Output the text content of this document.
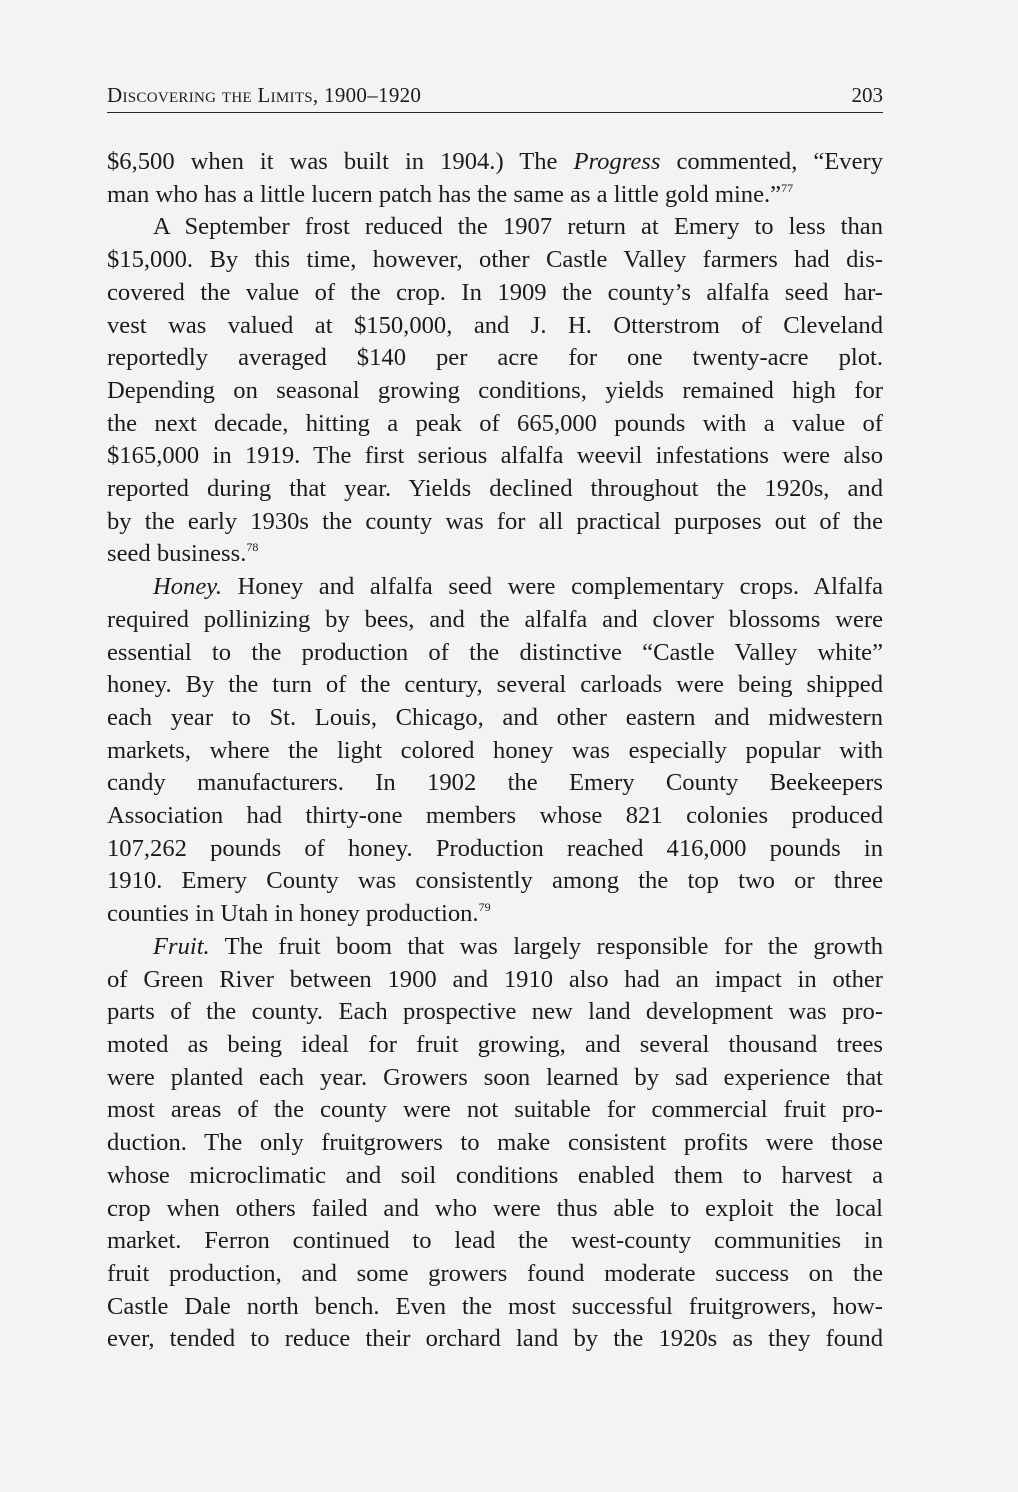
Discovering the Limits, 1900–1920	203
$6,500 when it was built in 1904.) The Progress commented, “Every
man who has a little lucern patch has the same as a little gold mine.”$^{77}$
A September frost reduced the 1907 return at Emery to less than
$15,000. By this time, however, other Castle Valley farmers had dis-
covered the value of the crop. In 1909 the county’s alfalfa seed har-
vest was valued at $150,000, and J. H. Otterstrom of Cleveland
reportedly averaged $140 per acre for one twenty-acre plot.
Depending on seasonal growing conditions, yields remained high for
the next decade, hitting a peak of 665,000 pounds with a value of
$165,000 in 1919. The first serious alfalfa weevil infestations were also
reported during that year. Yields declined throughout the 1920s, and
by the early 1930s the county was for all practical purposes out of the
seed business.$^{78}$
Honey. Honey and alfalfa seed were complementary crops. Alfalfa
required pollinizing by bees, and the alfalfa and clover blossoms were
essential to the production of the distinctive “Castle Valley white”
honey. By the turn of the century, several carloads were being shipped
each year to St. Louis, Chicago, and other eastern and midwestern
markets, where the light colored honey was especially popular with
candy manufacturers. In 1902 the Emery County Beekeepers
Association had thirty-one members whose 821 colonies produced
107,262 pounds of honey. Production reached 416,000 pounds in
1910. Emery County was consistently among the top two or three
counties in Utah in honey production.$^{79}$
Fruit. The fruit boom that was largely responsible for the growth
of Green River between 1900 and 1910 also had an impact in other
parts of the county. Each prospective new land development was pro-
moted as being ideal for fruit growing, and several thousand trees
were planted each year. Growers soon learned by sad experience that
most areas of the county were not suitable for commercial fruit pro-
duction. The only fruitgrowers to make consistent profits were those
whose microclimatic and soil conditions enabled them to harvest a
crop when others failed and who were thus able to exploit the local
market. Ferron continued to lead the west-county communities in
fruit production, and some growers found moderate success on the
Castle Dale north bench. Even the most successful fruitgrowers, how-
ever, tended to reduce their orchard land by the 1920s as they found
